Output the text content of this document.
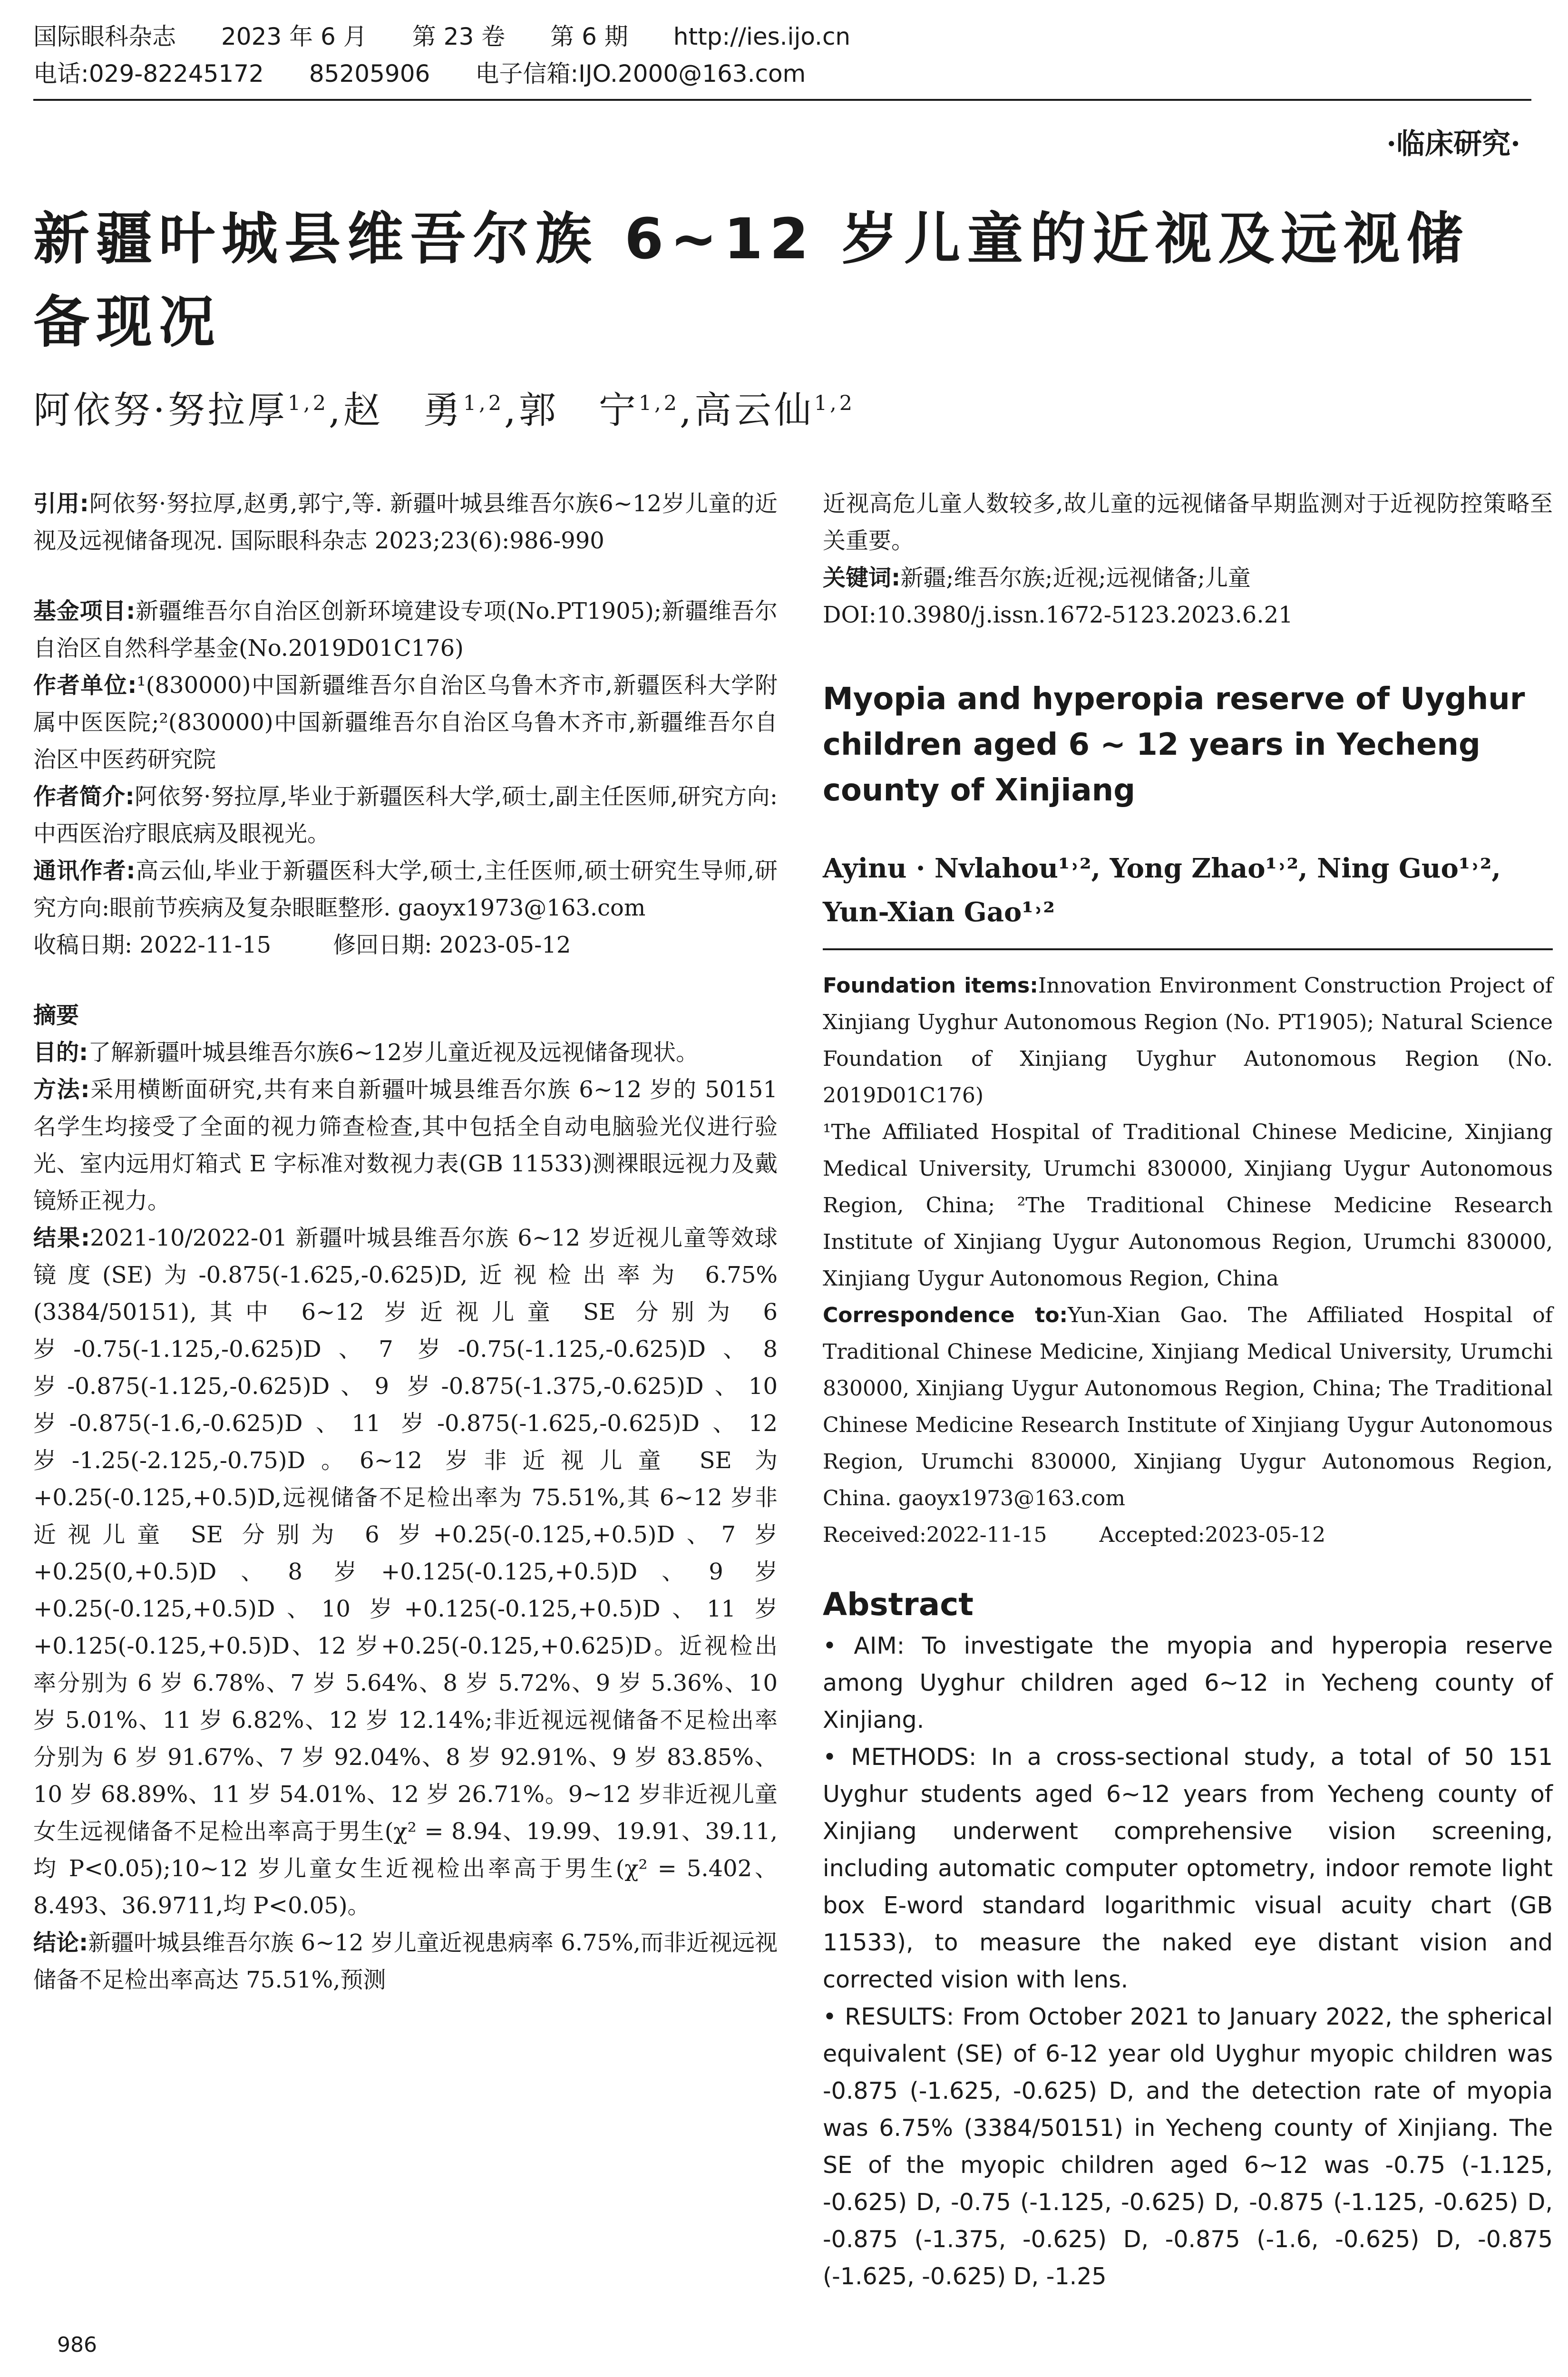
国际眼科杂志 2023 年 6 月 第 23 卷 第 6 期 http://ies.ijo.cn
电话:029-82245172 85205906 电子信箱:IJO.2000@163.com
·临床研究·
新疆叶城县维吾尔族 6~12 岁儿童的近视及远视储备现况
阿依努·努拉厚$^{1,2}$,赵　勇$^{1,2}$,郭　宁$^{1,2}$,高云仙$^{1,2}$

引用:阿依努·努拉厚,赵勇,郭宁,等. 新疆叶城县维吾尔族6~12岁儿童的近视及远视储备现况. 国际眼科杂志 2023;23(6):986-990

基金项目:新疆维吾尔自治区创新环境建设专项(No.PT1905);新疆维吾尔自治区自然科学基金(No.2019D01C176)

作者单位:¹(830000)中国新疆维吾尔自治区乌鲁木齐市,新疆医科大学附属中医医院;²(830000)中国新疆维吾尔自治区乌鲁木齐市,新疆维吾尔自治区中医药研究院

作者简介:阿依努·努拉厚,毕业于新疆医科大学,硕士,副主任医师,研究方向:中西医治疗眼底病及眼视光。

通讯作者:高云仙,毕业于新疆医科大学,硕士,主任医师,硕士研究生导师,研究方向:眼前节疾病及复杂眼眶整形. gaoyx1973@163.com

收稿日期: 2022-11-15	修回日期: 2023-05-12

摘要

目的:了解新疆叶城县维吾尔族6~12岁儿童近视及远视储备现状。

方法:采用横断面研究,共有来自新疆叶城县维吾尔族 6~12 岁的 50151 名学生均接受了全面的视力筛查检查,其中包括全自动电脑验光仪进行验光、室内远用灯箱式 E 字标准对数视力表(GB 11533)测裸眼远视力及戴镜矫正视力。

结果:2021-10/2022-01 新疆叶城县维吾尔族 6~12 岁近视儿童等效球镜度(SE)为-0.875(-1.625,-0.625)D,近视检出率为 6.75%(3384/50151),其中 6~12 岁近视儿童 SE 分别为 6 岁-0.75(-1.125,-0.625)D、7 岁-0.75(-1.125,-0.625)D、8 岁-0.875(-1.125,-0.625)D、9 岁-0.875(-1.375,-0.625)D、10 岁-0.875(-1.6,-0.625)D、11 岁-0.875(-1.625,-0.625)D、12 岁-1.25(-2.125,-0.75)D。6~12 岁非近视儿童 SE 为+0.25(-0.125,+0.5)D,远视储备不足检出率为 75.51%,其 6~12 岁非近视儿童 SE 分别为 6 岁+0.25(-0.125,+0.5)D、7 岁+0.25(0,+0.5)D、8 岁+0.125(-0.125,+0.5)D、9 岁+0.25(-0.125,+0.5)D、10 岁+0.125(-0.125,+0.5)D、11 岁+0.125(-0.125,+0.5)D、12 岁+0.25(-0.125,+0.625)D。近视检出率分别为 6 岁 6.78%、7 岁 5.64%、8 岁 5.72%、9 岁 5.36%、10 岁 5.01%、11 岁 6.82%、12 岁 12.14%;非近视远视储备不足检出率分别为 6 岁 91.67%、7 岁 92.04%、8 岁 92.91%、9 岁 83.85%、10 岁 68.89%、11 岁 54.01%、12 岁 26.71%。9~12 岁非近视儿童女生远视储备不足检出率高于男生(χ² = 8.94、19.99、19.91、39.11,均 P<0.05);10~12 岁儿童女生近视检出率高于男生(χ² = 5.402、8.493、36.9711,均 P<0.05)。

结论:新疆叶城县维吾尔族 6~12 岁儿童近视患病率 6.75%,而非近视远视储备不足检出率高达 75.51%,预测

近视高危儿童人数较多,故儿童的远视储备早期监测对于近视防控策略至关重要。

关键词:新疆;维吾尔族;近视;远视储备;儿童

DOI:10.3980/j.issn.1672-5123.2023.6.21

Myopia and hyperopia reserve of Uyghur children aged 6 ~ 12 years in Yecheng county of Xinjiang

Ayinu · Nvlahou¹˒², Yong Zhao¹˒², Ning Guo¹˒², Yun-Xian Gao¹˒²

Foundation items:Innovation Environment Construction Project of Xinjiang Uyghur Autonomous Region (No. PT1905); Natural Science Foundation of Xinjiang Uyghur Autonomous Region (No. 2019D01C176)

¹The Affiliated Hospital of Traditional Chinese Medicine, Xinjiang Medical University, Urumchi 830000, Xinjiang Uygur Autonomous Region, China; ²The Traditional Chinese Medicine Research Institute of Xinjiang Uygur Autonomous Region, Urumchi 830000, Xinjiang Uygur Autonomous Region, China

Correspondence to:Yun-Xian Gao. The Affiliated Hospital of Traditional Chinese Medicine, Xinjiang Medical University, Urumchi 830000, Xinjiang Uygur Autonomous Region, China; The Traditional Chinese Medicine Research Institute of Xinjiang Uygur Autonomous Region, Urumchi 830000, Xinjiang Uygur Autonomous Region, China. gaoyx1973@163.com

Received:2022-11-15	Accepted:2023-05-12

Abstract

• AIM: To investigate the myopia and hyperopia reserve among Uyghur children aged 6~12 in Yecheng county of Xinjiang.

• METHODS: In a cross-sectional study, a total of 50 151 Uyghur students aged 6~12 years from Yecheng county of Xinjiang underwent comprehensive vision screening, including automatic computer optometry, indoor remote light box E-word standard logarithmic visual acuity chart (GB 11533), to measure the naked eye distant vision and corrected vision with lens.

• RESULTS: From October 2021 to January 2022, the spherical equivalent (SE) of 6-12 year old Uyghur myopic children was -0.875 (-1.625, -0.625) D, and the detection rate of myopia was 6.75% (3384/50151) in Yecheng county of Xinjiang. The SE of the myopic children aged 6~12 was -0.75 (-1.125, -0.625) D, -0.75 (-1.125, -0.625) D, -0.875 (-1.125, -0.625) D, -0.875 (-1.375, -0.625) D, -0.875 (-1.6, -0.625) D, -0.875 (-1.625, -0.625) D, -1.25

986
